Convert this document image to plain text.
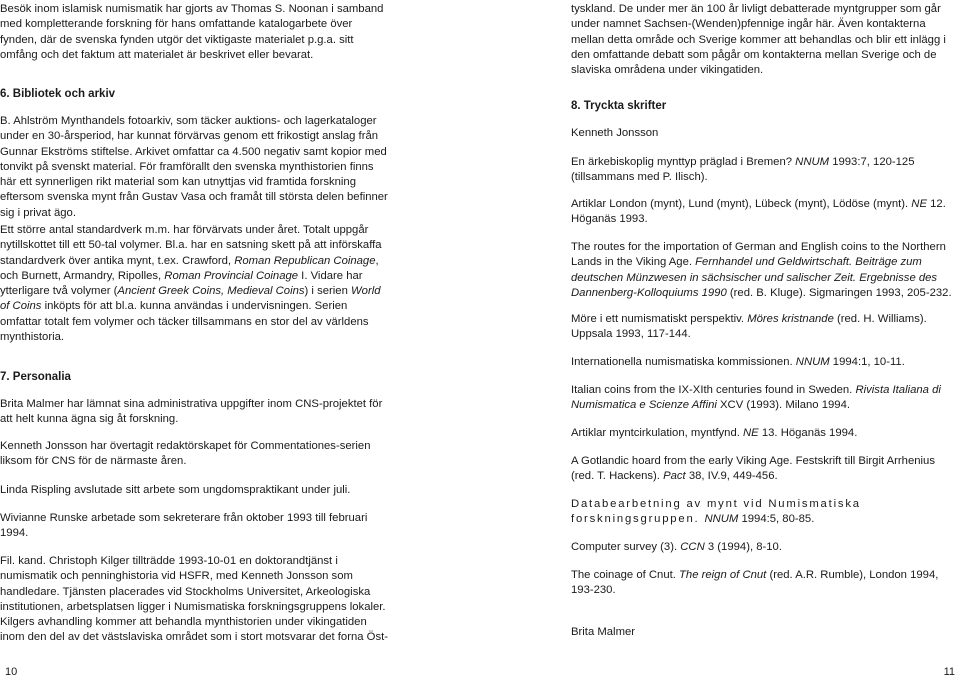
Besök inom islamisk numismatik har gjorts av Thomas S. Noonan i samband med kompletterande forskning för hans omfattande katalogarbete över fynden, där de svenska fynden utgör det viktigaste materialet p.g.a. sitt omfång och det faktum att materialet är beskrivet eller bevarat.

6. Bibliotek och arkiv

B. Ahlström Mynthandels fotoarkiv, som täcker auktions- och lagerkataloger under en 30-årsperiod, har kunnat förvärvas genom ett frikostigt anslag från Gunnar Ekströms stiftelse. Arkivet omfattar ca 4.500 negativ samt kopior med tonvikt på svenskt material. För framförallt den svenska mynthistorien finns här ett synnerligen rikt material som kan utnyttjas vid framtida forskning eftersom svenska mynt från Gustav Vasa och framåt till största delen befinner sig i privat ägo.

Ett större antal standardverk m.m. har förvärvats under året. Totalt uppgår nytillskottet till ett 50-tal volymer. Bl.a. har en satsning skett på att införskaffa standardverk över antika mynt, t.ex. Crawford, Roman Republican Coinage, och Burnett, Armandry, Ripolles, Roman Provincial Coinage I. Vidare har ytterligare två volymer (Ancient Greek Coins, Medieval Coins) i serien World of Coins inköpts för att bl.a. kunna användas i undervisningen. Serien omfattar totalt fem volymer och täcker tillsammans en stor del av världens mynthistoria.

7. Personalia

Brita Malmer har lämnat sina administrativa uppgifter inom CNS-projektet för att helt kunna ägna sig åt forskning.

Kenneth Jonsson har övertagit redaktörskapet för Commentationes-serien liksom för CNS för de närmaste åren.

Linda Rispling avslutade sitt arbete som ungdomspraktikant under juli.

Wivianne Runske arbetade som sekreterare från oktober 1993 till februari 1994.

Fil. kand. Christoph Kilger tillträdde 1993-10-01 en doktorandtjänst i numismatik och penninghistoria vid HSFR, med Kenneth Jonsson som handledare. Tjänsten placerades vid Stockholms Universitet, Arkeologiska institutionen, arbetsplatsen ligger i Numismatiska forskningsgruppens lokaler. Kilgers avhandling kommer att behandla mynthistorien under vikingatiden inom den del av det västslaviska området som i stort motsvarar det forna Öst-

10

tyskland. De under mer än 100 år livligt debatterade myntgrupper som går under namnet Sachsen-(Wenden)pfennige ingår här. Även kontakterna mellan detta område och Sverige kommer att behandlas och blir ett inlägg i den omfattande debatt som pågår om kontakterna mellan Sverige och de slaviska områdena under vikingatiden.

8. Tryckta skrifter

Kenneth Jonsson

En ärkebiskoplig mynttyp präglad i Bremen? NNUM 1993:7, 120-125 (tillsammans med P. Ilisch).

Artiklar London (mynt), Lund (mynt), Lübeck (mynt), Lödöse (mynt). NE 12. Höganäs 1993.

The routes for the importation of German and English coins to the Northern Lands in the Viking Age. Fernhandel und Geldwirtschaft. Beiträge zum deutschen Münzwesen in sächsischer und salischer Zeit. Ergebnisse des Dannenberg-Kolloquiums 1990 (red. B. Kluge). Sigmaringen 1993, 205-232.

Möre i ett numismatiskt perspektiv. Möres kristnande (red. H. Williams). Uppsala 1993, 117-144.

Internationella numismatiska kommissionen. NNUM 1994:1, 10-11.

Italian coins from the IX-XIth centuries found in Sweden. Rivista Italiana di Numismatica e Scienze Affini XCV (1993). Milano 1994.

Artiklar myntcirkulation, myntfynd. NE 13. Höganäs 1994.

A Gotlandic hoard from the early Viking Age. Festskrift till Birgit Arrhenius (red. T. Hackens). Pact 38, IV.9, 449-456.

Databearbetning av mynt vid Numismatiska forskningsgruppen. NNUM 1994:5, 80-85.

Computer survey (3). CCN 3 (1994), 8-10.

The coinage of Cnut. The reign of Cnut (red. A.R. Rumble), London 1994, 193-230.

Brita Malmer

11
